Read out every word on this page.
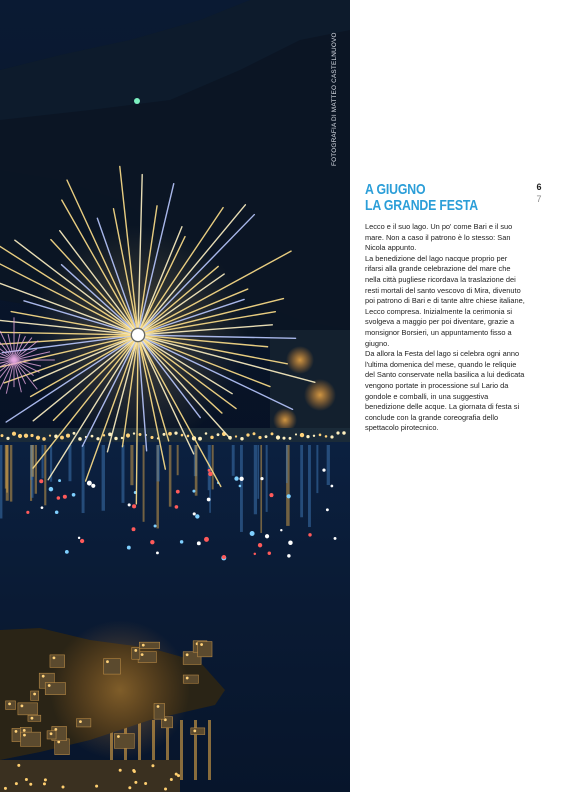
FOTOGRAFIA DI MATTEO CASTELNUOVO
A GIUGNO
LA GRANDE FESTA

Lecco e il suo lago. Un po' come Bari e il suo mare. Non a caso il patrono è lo stesso: San Nicola appunto.

La benedizione del lago nacque proprio per rifarsi alla grande celebrazione del mare che nella città pugliese ricordava la traslazione dei resti mortali del santo vescovo di Mira, divenuto poi patrono di Bari e di tante altre chiese italiane, Lecco compresa. Inizialmente la cerimonia si svolgeva a maggio per poi diventare, grazie a monsignor Borsieri, un appuntamento fisso a giugno.

Da allora la Festa del lago si celebra ogni anno l'ultima domenica del mese, quando le reliquie del Santo conservate nella basilica a lui dedicata vengono portate in processione sul Lario da gondole e comballi, in una suggestiva benedizione delle acque. La giornata di festa si conclude con la grande coreografia dello spettacolo pirotecnico.

6
7
